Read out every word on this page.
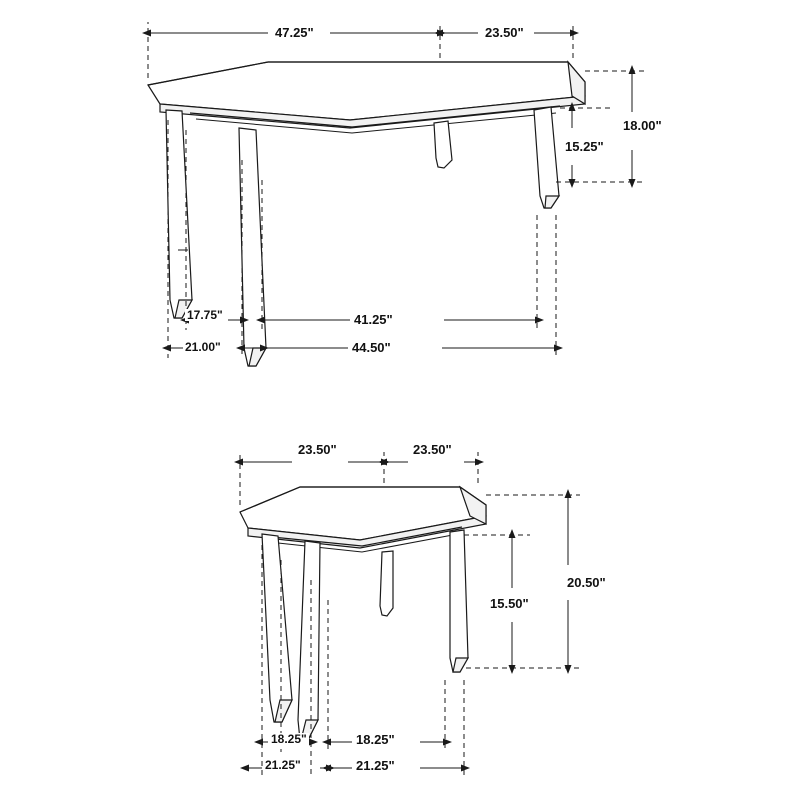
47.25"	23.50"
18.00"
15.25"
17.75"
21.00"
41.25"
44.50"
23.50"	23.50"
20.50"
15.50"
18.25"
21.25"
18.25"
21.25"
